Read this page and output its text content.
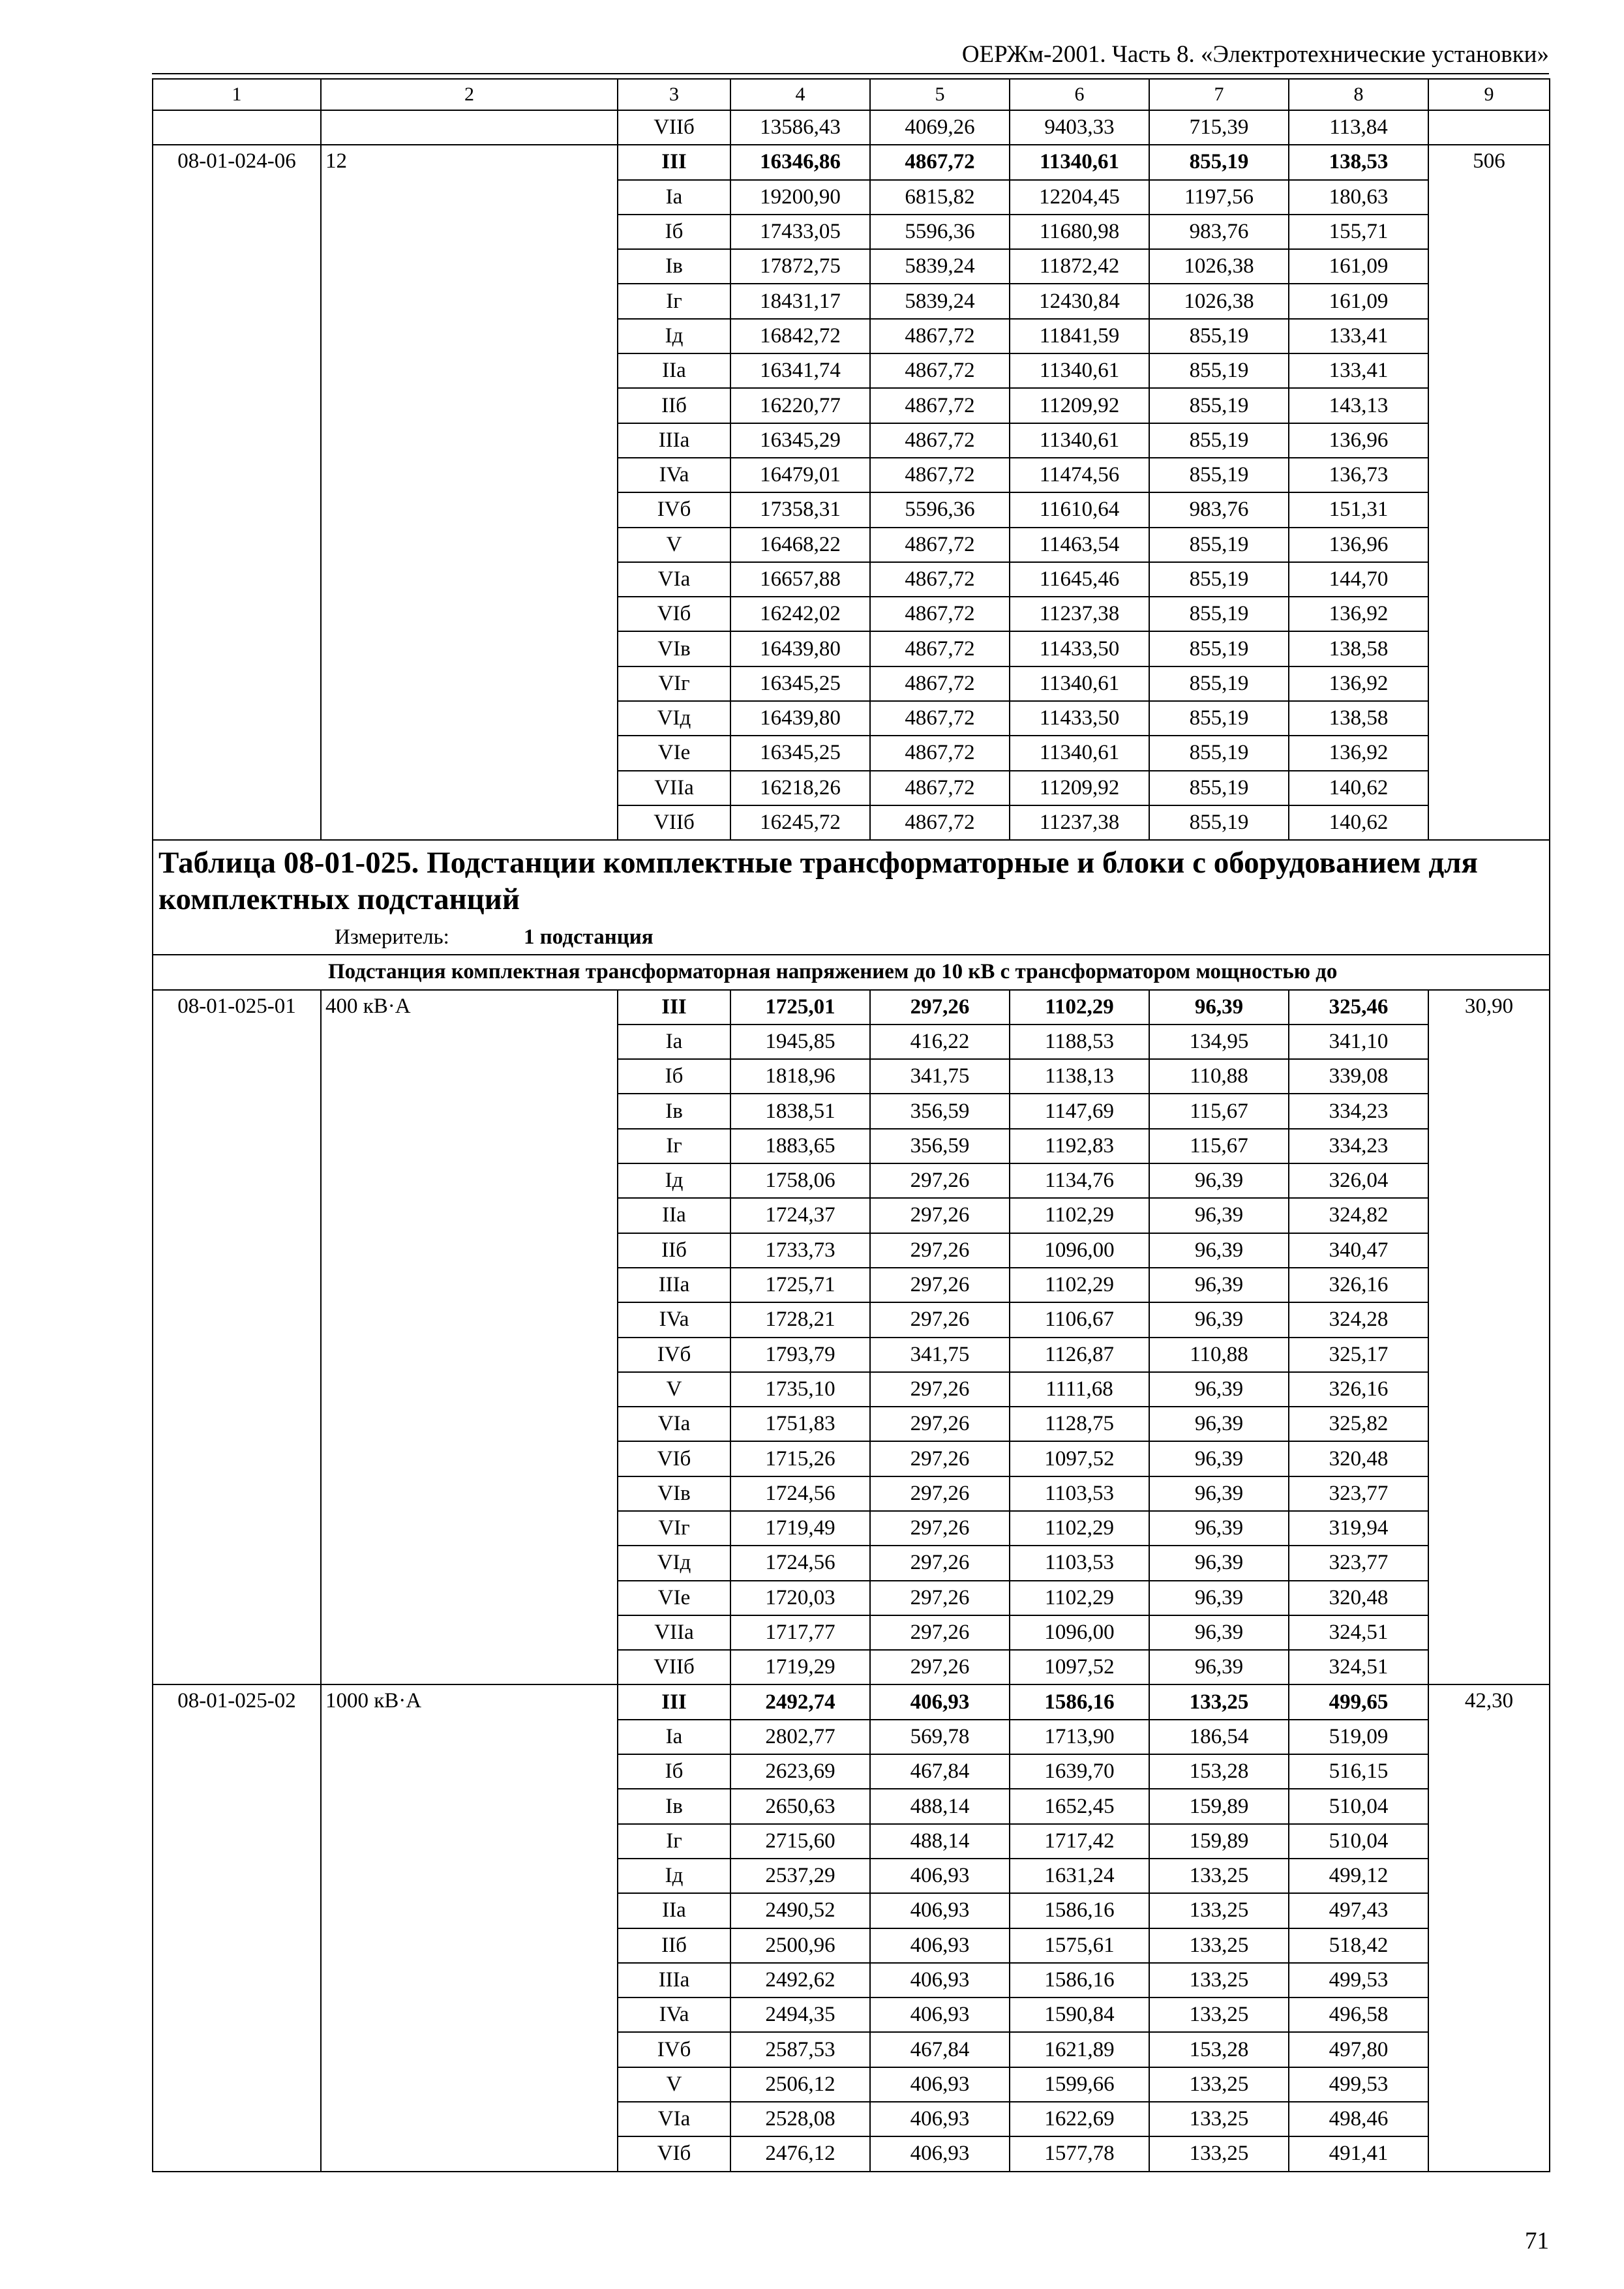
ОЕРЖм-2001. Часть 8. «Электротехнические установки»
1	2	3	4	5	6	7	8	9
		VIIб	13586,43	4069,26	9403,33	715,39	113,84	
08-01-024-06	12	III	16346,86	4867,72	11340,61	855,19	138,53	506
		Ia	19200,90	6815,82	12204,45	1197,56	180,63	
		Iб	17433,05	5596,36	11680,98	983,76	155,71	
		Iв	17872,75	5839,24	11872,42	1026,38	161,09	
		Iг	18431,17	5839,24	12430,84	1026,38	161,09	
		Iд	16842,72	4867,72	11841,59	855,19	133,41	
		IIa	16341,74	4867,72	11340,61	855,19	133,41	
		IIб	16220,77	4867,72	11209,92	855,19	143,13	
		IIIa	16345,29	4867,72	11340,61	855,19	136,96	
		IVa	16479,01	4867,72	11474,56	855,19	136,73	
		IVб	17358,31	5596,36	11610,64	983,76	151,31	
		V	16468,22	4867,72	11463,54	855,19	136,96	
		VIa	16657,88	4867,72	11645,46	855,19	144,70	
		VIб	16242,02	4867,72	11237,38	855,19	136,92	
		VIв	16439,80	4867,72	11433,50	855,19	138,58	
		VIг	16345,25	4867,72	11340,61	855,19	136,92	
		VIд	16439,80	4867,72	11433,50	855,19	138,58	
		VIe	16345,25	4867,72	11340,61	855,19	136,92	
		VIIa	16218,26	4867,72	11209,92	855,19	140,62	
		VIIб	16245,72	4867,72	11237,38	855,19	140,62	

Таблица 08-01-025. Подстанции комплектные трансформаторные и блоки с оборудованием для комплектных подстанций
Измеритель: 1 подстанция								

Подстанция комплектная трансформаторная напряжением до 10 кВ с трансформатором мощностью до								
08-01-025-01	400 кВ·А	III	1725,01	297,26	1102,29	96,39	325,46	30,90
		Ia	1945,85	416,22	1188,53	134,95	341,10	
		Iб	1818,96	341,75	1138,13	110,88	339,08	
		Iв	1838,51	356,59	1147,69	115,67	334,23	
		Iг	1883,65	356,59	1192,83	115,67	334,23	
		Iд	1758,06	297,26	1134,76	96,39	326,04	
		IIa	1724,37	297,26	1102,29	96,39	324,82	
		IIб	1733,73	297,26	1096,00	96,39	340,47	
		IIIa	1725,71	297,26	1102,29	96,39	326,16	
		IVa	1728,21	297,26	1106,67	96,39	324,28	
		IVб	1793,79	341,75	1126,87	110,88	325,17	
		V	1735,10	297,26	1111,68	96,39	326,16	
		VIa	1751,83	297,26	1128,75	96,39	325,82	
		VIб	1715,26	297,26	1097,52	96,39	320,48	
		VIв	1724,56	297,26	1103,53	96,39	323,77	
		VIг	1719,49	297,26	1102,29	96,39	319,94	
		VIд	1724,56	297,26	1103,53	96,39	323,77	
		VIe	1720,03	297,26	1102,29	96,39	320,48	
		VIIa	1717,77	297,26	1096,00	96,39	324,51	
		VIIб	1719,29	297,26	1097,52	96,39	324,51	
08-01-025-02	1000 кВ·А	III	2492,74	406,93	1586,16	133,25	499,65	42,30
		Ia	2802,77	569,78	1713,90	186,54	519,09	
		Iб	2623,69	467,84	1639,70	153,28	516,15	
		Iв	2650,63	488,14	1652,45	159,89	510,04	
		Iг	2715,60	488,14	1717,42	159,89	510,04	
		Iд	2537,29	406,93	1631,24	133,25	499,12	
		IIa	2490,52	406,93	1586,16	133,25	497,43	
		IIб	2500,96	406,93	1575,61	133,25	518,42	
		IIIa	2492,62	406,93	1586,16	133,25	499,53	
		IVa	2494,35	406,93	1590,84	133,25	496,58	
		IVб	2587,53	467,84	1621,89	153,28	497,80	
		V	2506,12	406,93	1599,66	133,25	499,53	
		VIa	2528,08	406,93	1622,69	133,25	498,46	
		VIб	2476,12	406,93	1577,78	133,25	491,41	
71
